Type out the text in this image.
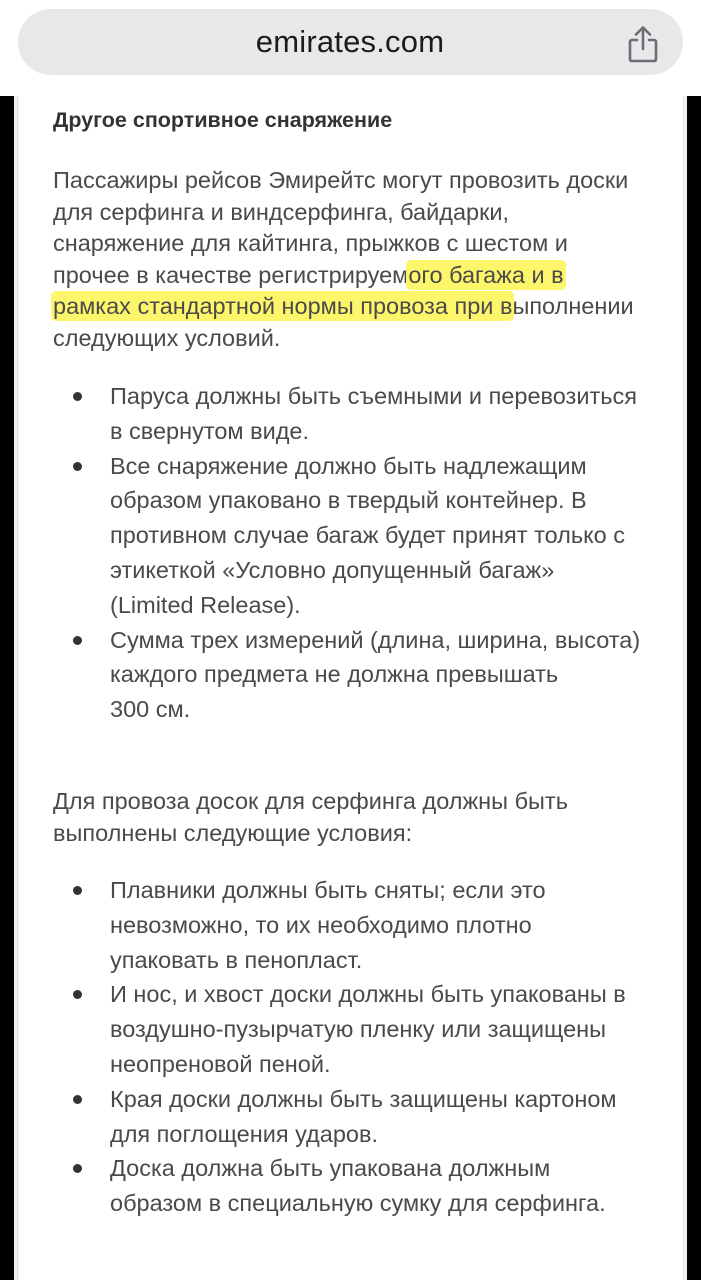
emirates.com
Другое спортивное снаряжение

Пассажиры рейсов Эмирейтс могут провозить доски
для серфинга и виндсерфинга, байдарки,
снаряжение для кайтинга, прыжков с шестом и
прочее в качестве регистрируемого багажа и в
рамках стандартной нормы провоза при выполнении
следующих условий.

Паруса должны быть съемными и перевозиться
в свернутом виде.
Все снаряжение должно быть надлежащим
образом упаковано в твердый контейнер. В
противном случае багаж будет принят только с
этикеткой «Условно допущенный багаж»
(Limited Release).
Сумма трех измерений (длина, ширина, высота)
каждого предмета не должна превышать
300 см.

Для провоза досок для серфинга должны быть
выполнены следующие условия:

Плавники должны быть сняты; если это
невозможно, то их необходимо плотно
упаковать в пенопласт.
И нос, и хвост доски должны быть упакованы в
воздушно-пузырчатую пленку или защищены
неопреновой пеной.
Края доски должны быть защищены картоном
для поглощения ударов.
Доска должна быть упакована должным
образом в специальную сумку для серфинга.
